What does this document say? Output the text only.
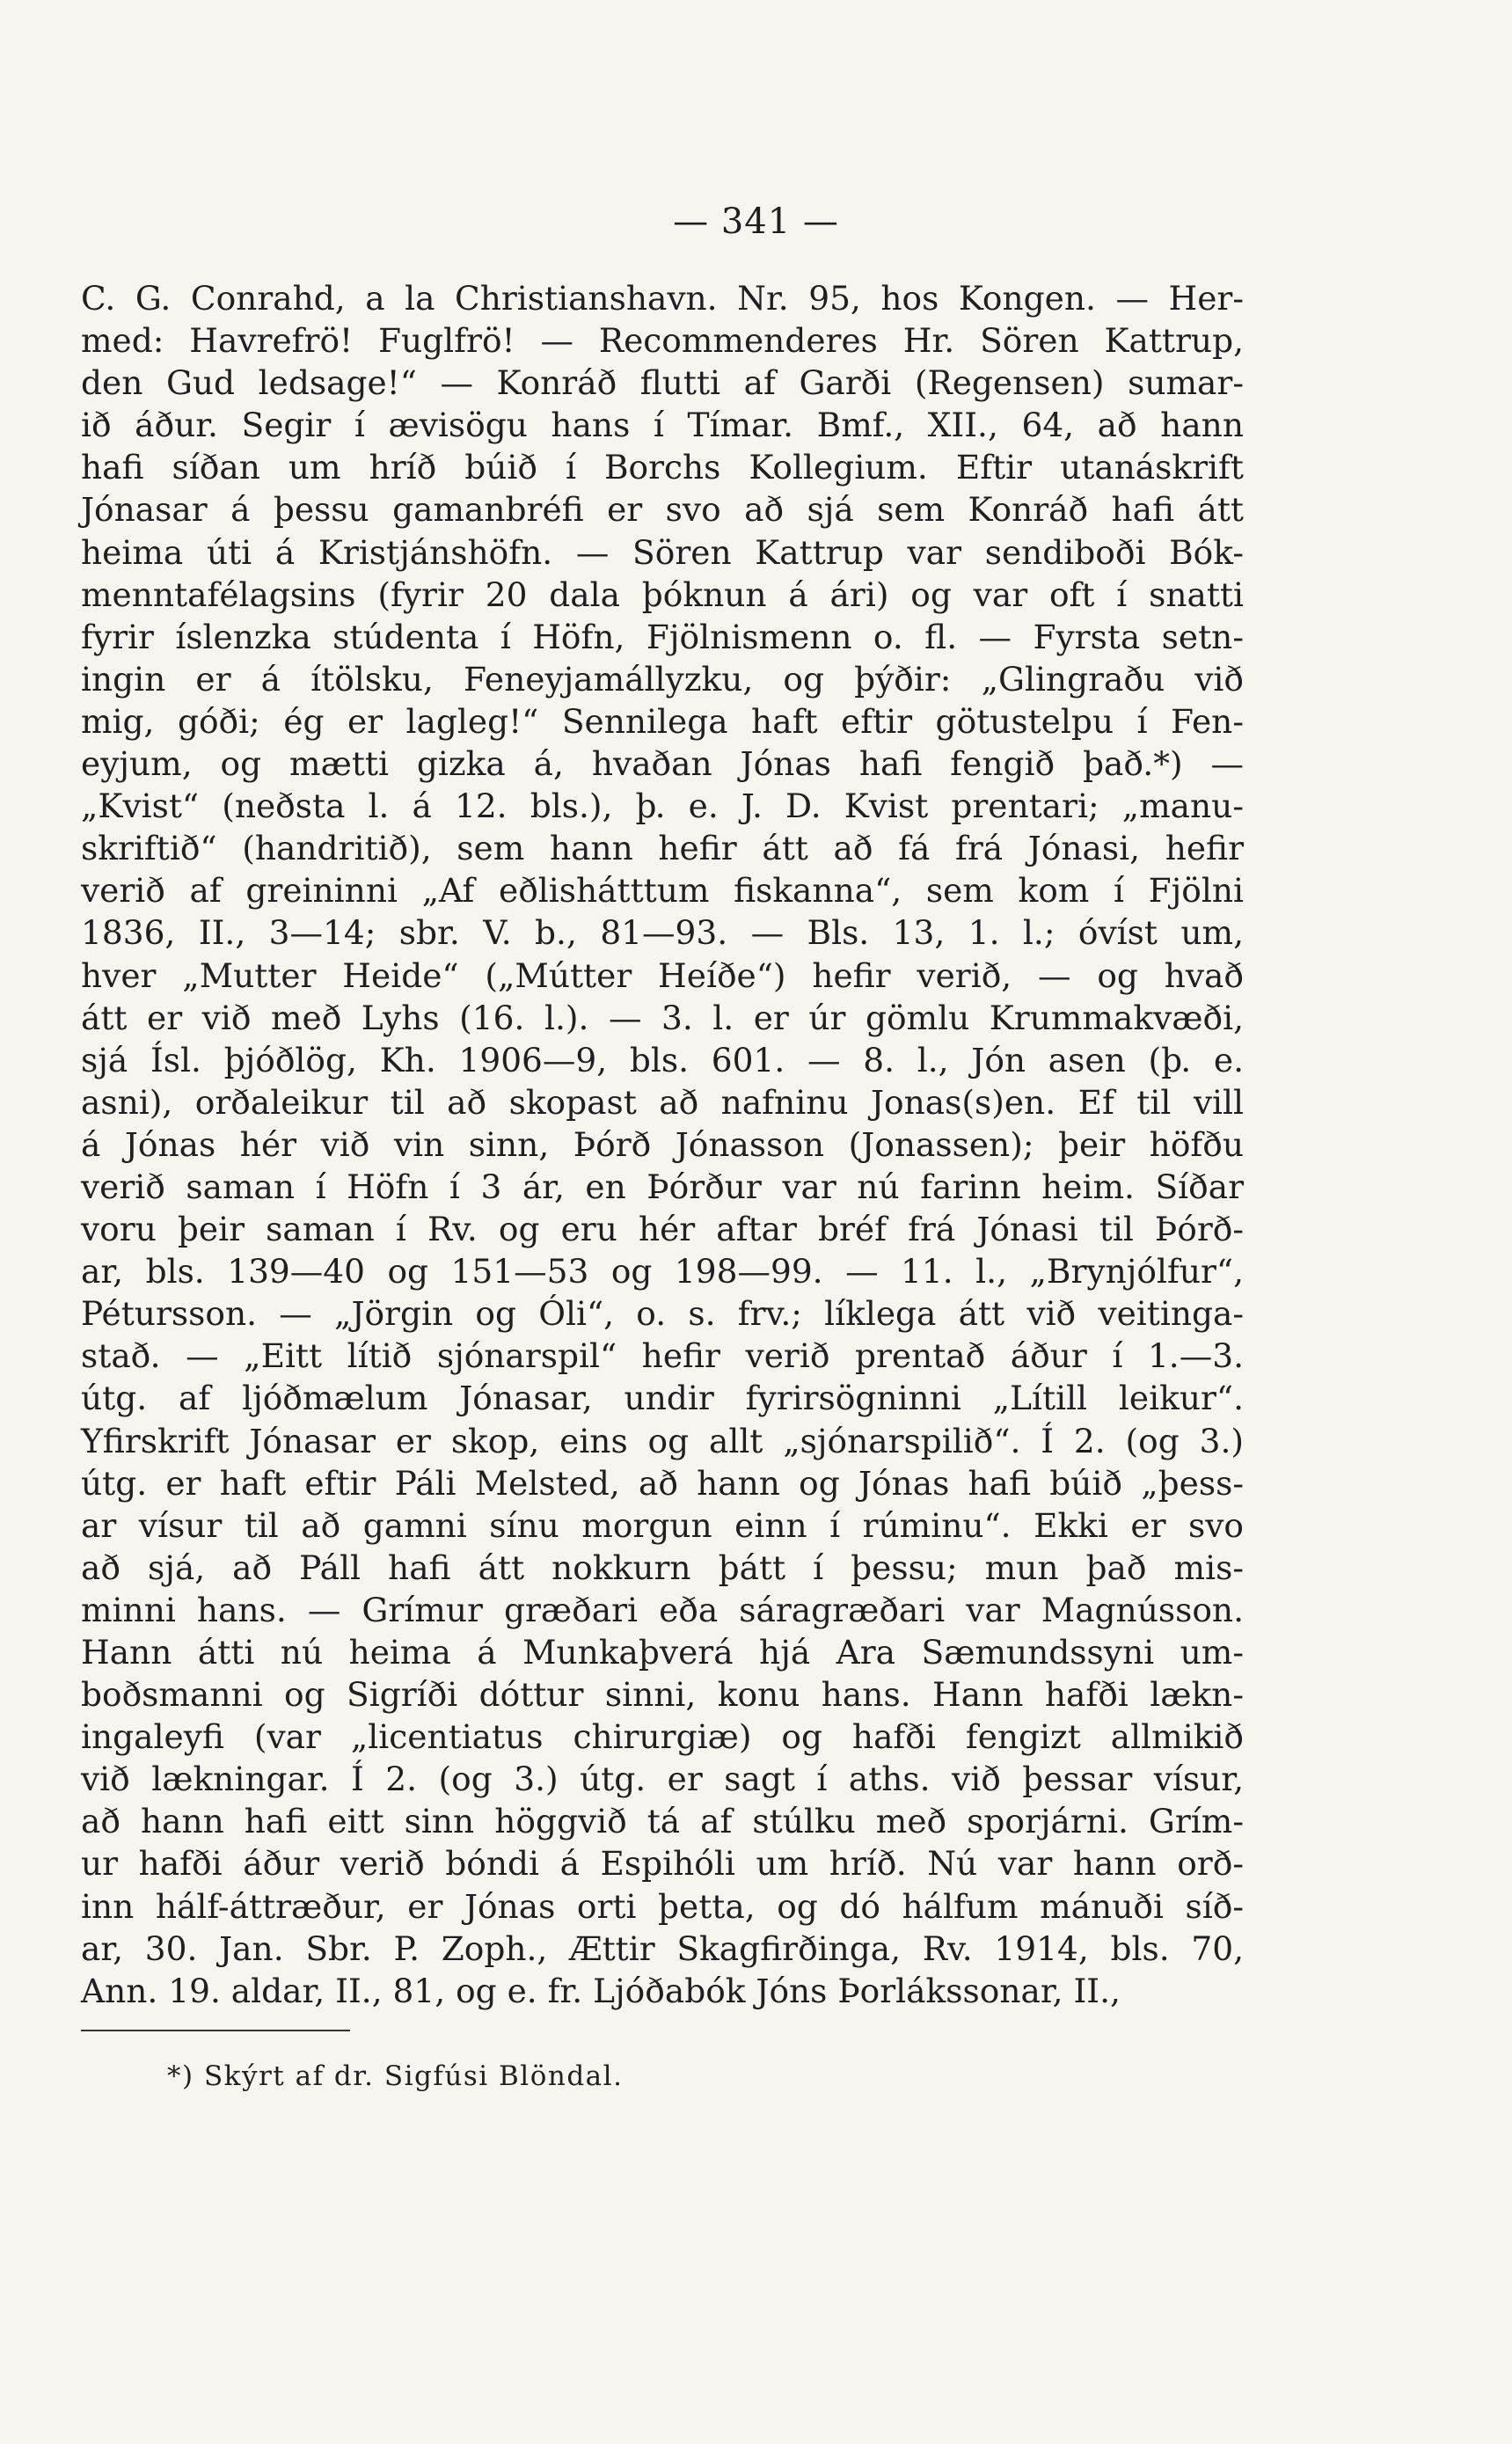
— 341 —
C. G. Conrahd, a la Christianshavn. Nr. 95, hos Kongen. — Her-
med: Havrefrö! Fuglfrö! — Recommenderes Hr. Sören Kattrup,
den Gud ledsage!“ — Konráð flutti af Garði (Regensen) sumar-
ið áður. Segir í ævisögu hans í Tímar. Bmf., XII., 64, að hann
hafi síðan um hríð búið í Borchs Kollegium. Eftir utanáskrift
Jónasar á þessu gamanbréfi er svo að sjá sem Konráð hafi átt
heima úti á Kristjánshöfn. — Sören Kattrup var sendiboði Bók-
menntafélagsins (fyrir 20 dala þóknun á ári) og var oft í snatti
fyrir íslenzka stúdenta í Höfn, Fjölnismenn o. fl. — Fyrsta setn-
ingin er á ítölsku, Feneyjamállyzku, og þýðir: „Glingraðu við
mig, góði; ég er lagleg!“ Sennilega haft eftir götustelpu í Fen-
eyjum, og mætti gizka á, hvaðan Jónas hafi fengið það.*) —
„Kvist“ (neðsta l. á 12. bls.), þ. e. J. D. Kvist prentari; „manu-
skriftið“ (handritið), sem hann hefir átt að fá frá Jónasi, hefir
verið af greininni „Af eðlishátttum fiskanna“, sem kom í Fjölni
1836, II., 3—14; sbr. V. b., 81—93. — Bls. 13, 1. l.; óvíst um,
hver „Mutter Heide“ („Mútter Heíðe“) hefir verið, — og hvað
átt er við með Lyhs (16. l.). — 3. l. er úr gömlu Krummakvæði,
sjá Ísl. þjóðlög, Kh. 1906—9, bls. 601. — 8. l., Jón asen (þ. e.
asni), orðaleikur til að skopast að nafninu Jonas(s)en. Ef til vill
á Jónas hér við vin sinn, Þórð Jónasson (Jonassen); þeir höfðu
verið saman í Höfn í 3 ár, en Þórður var nú farinn heim. Síðar
voru þeir saman í Rv. og eru hér aftar bréf frá Jónasi til Þórð-
ar, bls. 139—40 og 151—53 og 198—99. — 11. l., „Brynjólfur“,
Pétursson. — „Jörgin og Óli“, o. s. frv.; líklega átt við veitinga-
stað. — „Eitt lítið sjónarspil“ hefir verið prentað áður í 1.—3.
útg. af ljóðmælum Jónasar, undir fyrirsögninni „Lítill leikur“.
Yfirskrift Jónasar er skop, eins og allt „sjónarspilið“. Í 2. (og 3.)
útg. er haft eftir Páli Melsted, að hann og Jónas hafi búið „þess-
ar vísur til að gamni sínu morgun einn í rúminu“. Ekki er svo
að sjá, að Páll hafi átt nokkurn þátt í þessu; mun það mis-
minni hans. — Grímur græðari eða sáragræðari var Magnússon.
Hann átti nú heima á Munkaþverá hjá Ara Sæmundssyni um-
boðsmanni og Sigríði dóttur sinni, konu hans. Hann hafði lækn-
ingaleyfi (var „licentiatus chirurgiæ) og hafði fengizt allmikið
við lækningar. Í 2. (og 3.) útg. er sagt í aths. við þessar vísur,
að hann hafi eitt sinn höggvið tá af stúlku með sporjárni. Grím-
ur hafði áður verið bóndi á Espihóli um hríð. Nú var hann orð-
inn hálf-áttræður, er Jónas orti þetta, og dó hálfum mánuði síð-
ar, 30. Jan. Sbr. P. Zoph., Ættir Skagfirðinga, Rv. 1914, bls. 70,
Ann. 19. aldar, II., 81, og e. fr. Ljóðabók Jóns Þorlákssonar, II.,
*) Skýrt af dr. Sigfúsi Blöndal.
